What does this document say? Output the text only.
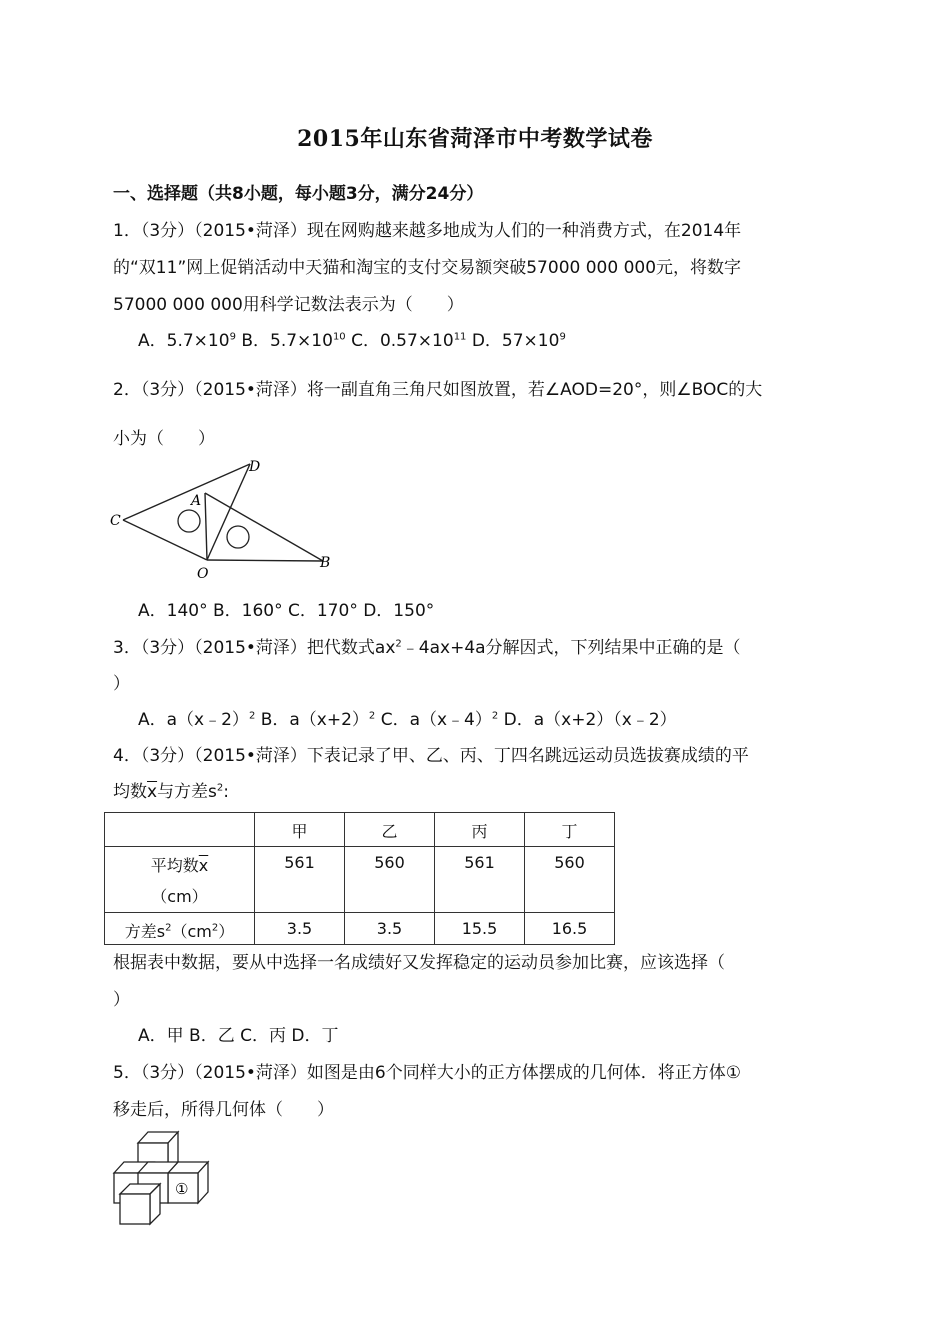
2015年山东省菏泽市中考数学试卷
一、选择题（共8小题，每小题3分，满分24分）
1．（3分）（2015•菏泽）现在网购越来越多地成为人们的一种消费方式，在2014年
的“双11”网上促销活动中天猫和淘宝的支付交易额突破57000 000 000元，将数字
57000 000 000用科学记数法表示为（　　）
A．$5.7\times 10^9$ B．$5.7\times 10^{10}$ C．$0.57\times 10^{11}$ D．$57\times 10^9$
2．（3分）（2015•菏泽）将一副直角三角尺如图放置，若∠AOD=20°，则∠BOC的大
小为（　　）
C
A
D
O
B
A．140° B．160° C．170° D．150°
3．（3分）（2015•菏泽）把代数式$ax^2﹣4ax+4a$分解因式，下列结果中正确的是（
）
A．a（x﹣2）$^2$ B．$a(x+2)^2$ C．a（x﹣4）$^2$ D．a（x+2）（x﹣2）
4．（3分）（2015•菏泽）下表记录了甲、乙、丙、丁四名跳远运动员选拔赛成绩的平
均数$\overline{x}$与方差$s^2$:
	甲	乙	丙	丁

平均数$\overline{x}$
（cm）	561	560	561	560
方差$s^2(cm^2)$	3.5	3.5	15.5	16.5
根据表中数据，要从中选择一名成绩好又发挥稳定的运动员参加比赛，应该选择（
）
A．甲 B．乙 C．丙 D．丁
5．（3分）（2015•菏泽）如图是由6个同样大小的正方体摆成的几何体．将正方体①
移走后，所得几何体（　　）
①
